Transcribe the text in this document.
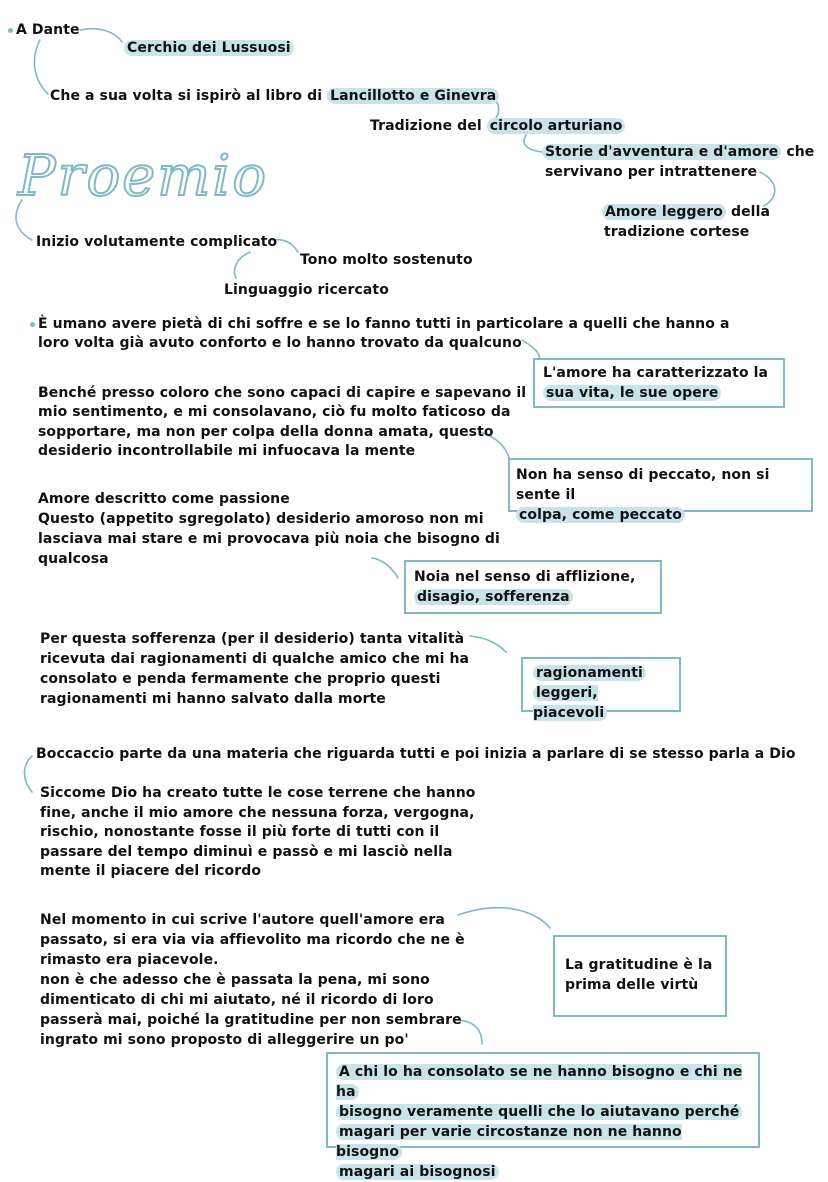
A Dante
Cerchio dei Lussuosi
Che a sua volta si ispirò al libro di Lancillotto e Ginevra
Tradizione del circolo arturiano
Storie d'avventura e d'amore che
servivano per intrattenere
Amore leggero della
tradizione cortese
Proemio
Inizio volutamente complicato
Tono molto sostenuto
Linguaggio ricercato
È umano avere pietà di chi soffre e se lo fanno tutti in particolare a quelli che hanno a
loro volta già avuto conforto e lo hanno trovato da qualcuno
L'amore ha caratterizzato la
sua vita, le sue opere
Benché presso coloro che sono capaci di capire e sapevano il
mio sentimento, e mi consolavano, ciò fu molto faticoso da
sopportare, ma non per colpa della donna amata, questo
desiderio incontrollabile mi infuocava la mente
Non ha senso di peccato, non si sente il
colpa, come peccato
Amore descritto come passione
Questo (appetito sgregolato) desiderio amoroso non mi
lasciava mai stare e mi provocava più noia che bisogno di
qualcosa
Noia nel senso di afflizione,
disagio, sofferenza
Per questa sofferenza (per il desiderio) tanta vitalità
ricevuta dai ragionamenti di qualche amico che mi ha
consolato e penda fermamente che proprio questi
ragionamenti mi hanno salvato dalla morte
ragionamenti
leggeri, piacevoli
Boccaccio parte da una materia che riguarda tutti e poi inizia a parlare di se stesso parla a Dio
Siccome Dio ha creato tutte le cose terrene che hanno
fine, anche il mio amore che nessuna forza, vergogna,
rischio, nonostante fosse il più forte di tutti con il
passare del tempo diminuì e passò e mi lasciò nella
mente il piacere del ricordo
Nel momento in cui scrive l'autore quell'amore era
passato, si era via via affievolito ma ricordo che ne è
rimasto era piacevole.
non è che adesso che è passata la pena, mi sono
dimenticato di chi mi aiutato, né il ricordo di loro
passerà mai, poiché la gratitudine per non sembrare
ingrato mi sono proposto di alleggerire un po'
La gratitudine è la
prima delle virtù
A chi lo ha consolato se ne hanno bisogno e chi ne ha
bisogno veramente quelli che lo aiutavano perché
magari per varie circostanze non ne hanno bisogno
magari ai bisognosi
